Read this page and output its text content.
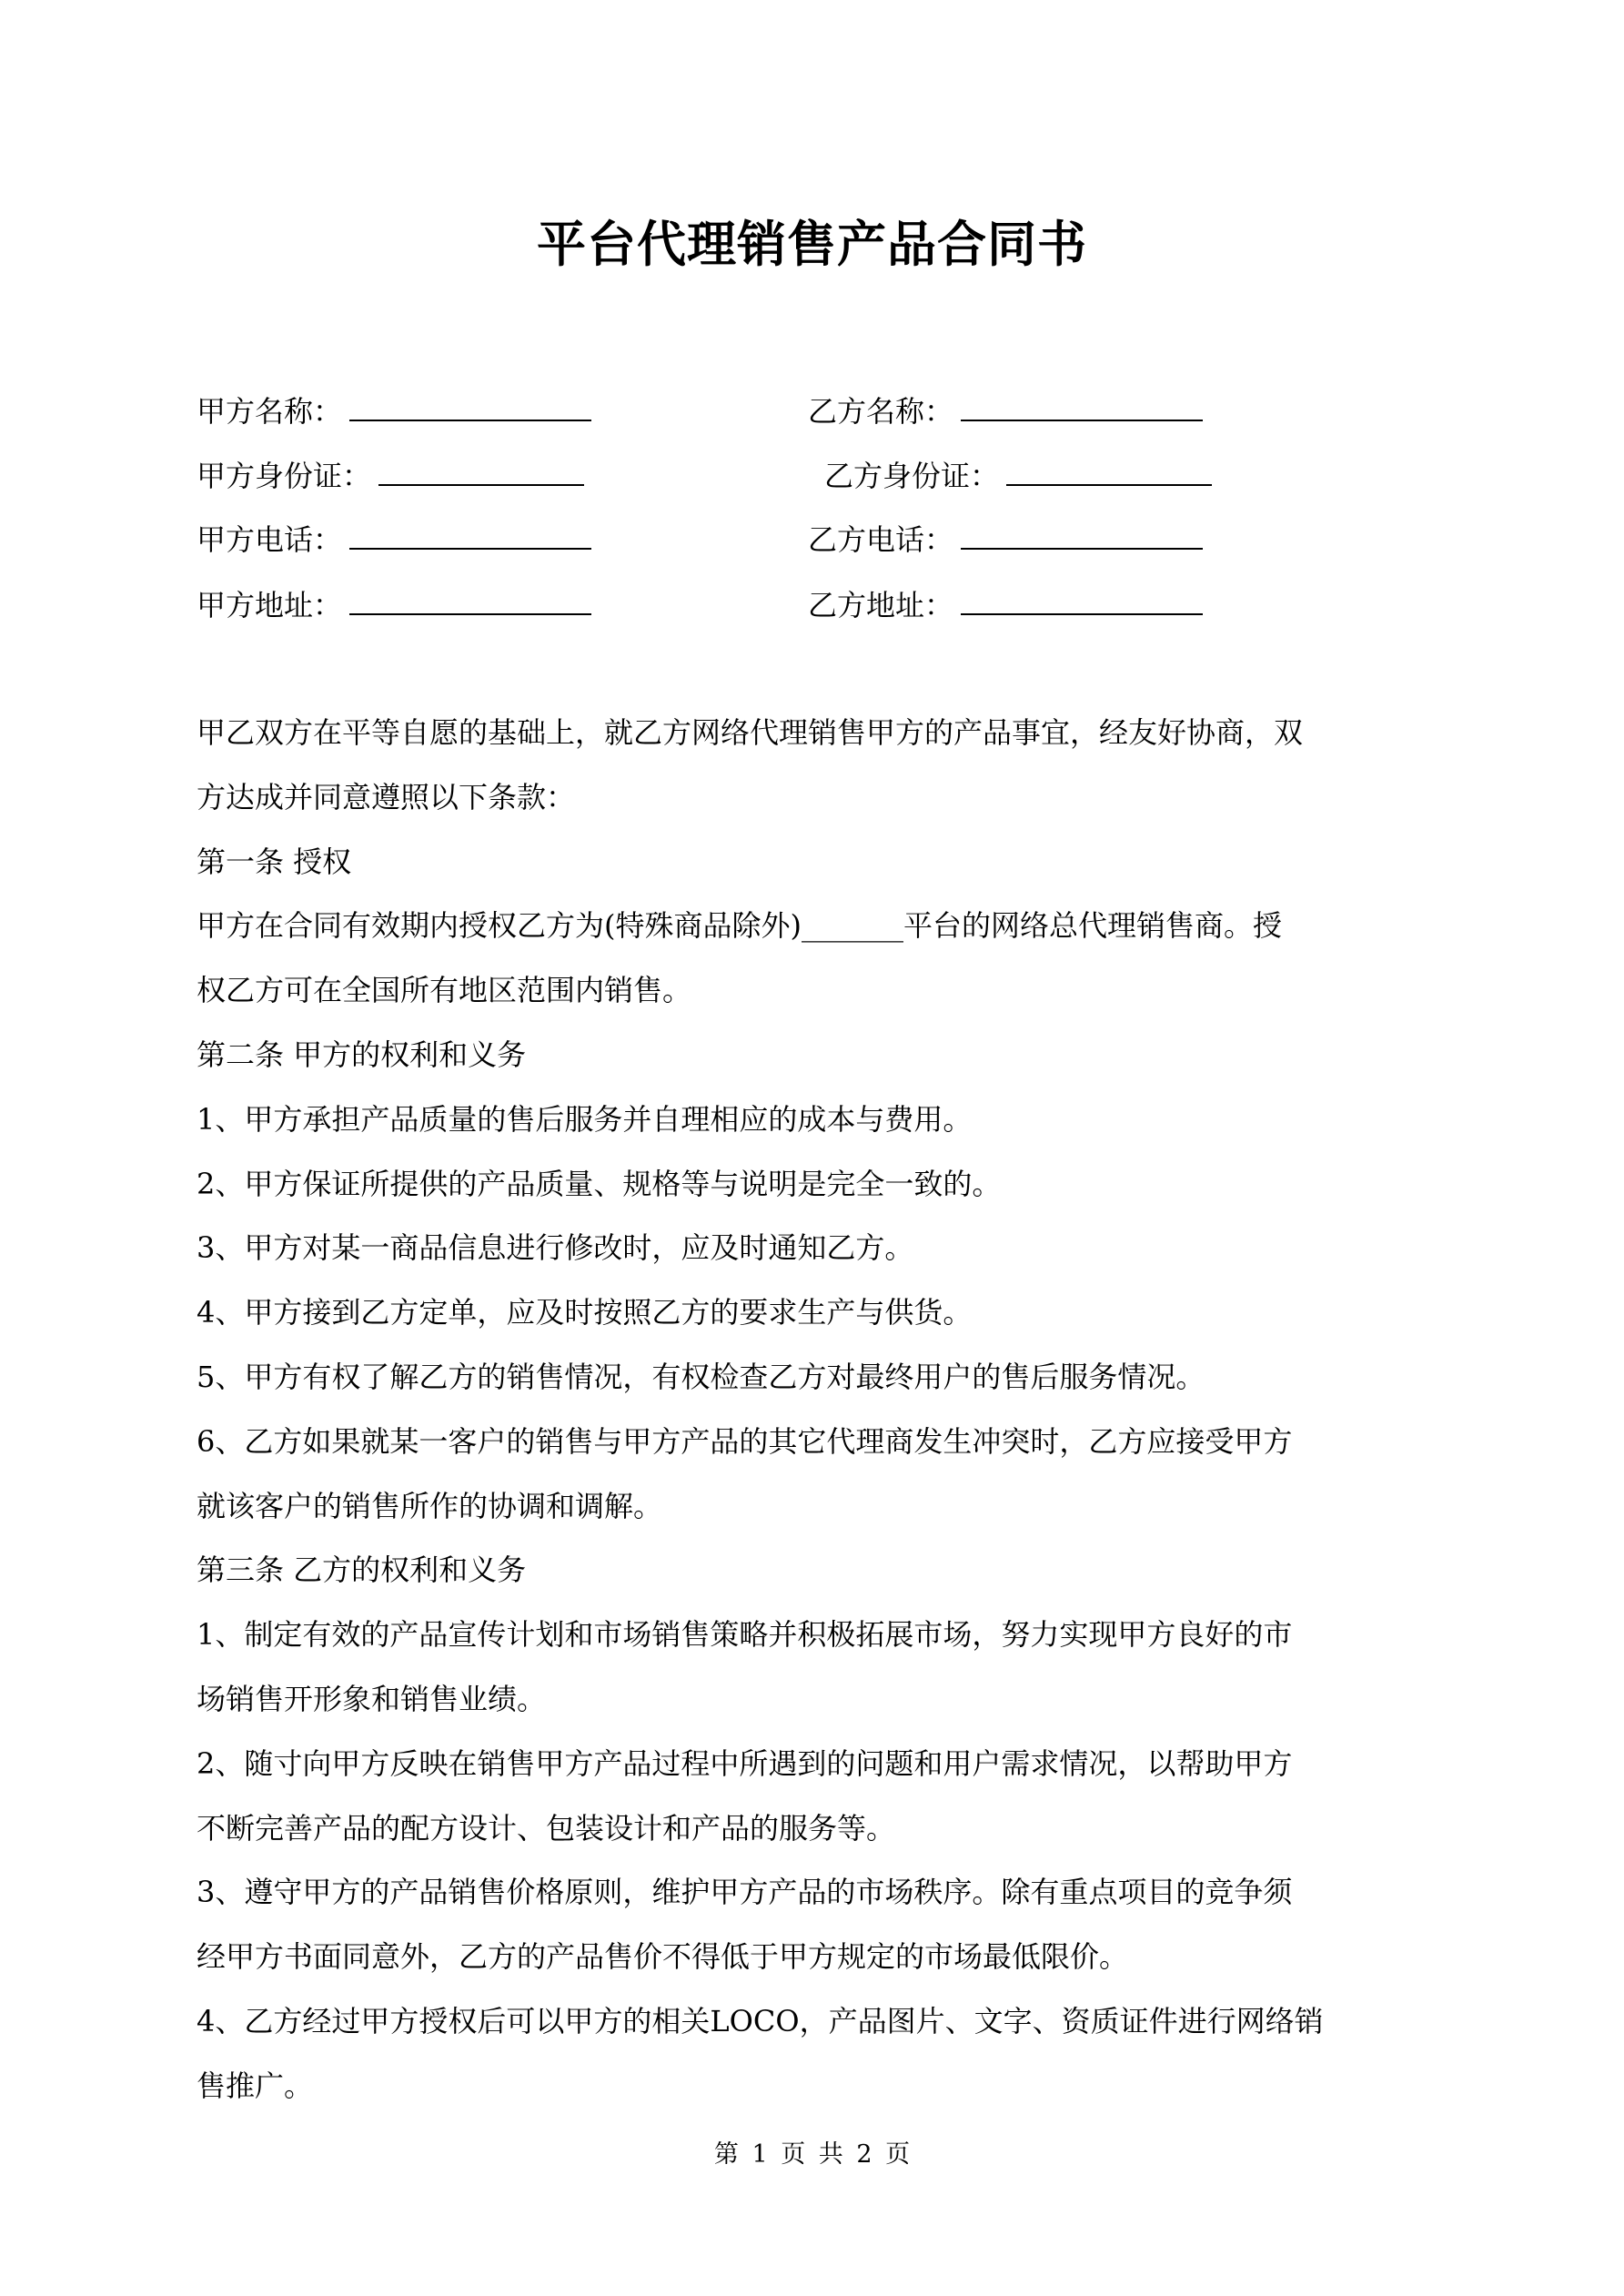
平台代理销售产品合同书
甲方名称：	乙方名称：
甲方身份证：	乙方身份证：
甲方电话：	乙方电话：
甲方地址：	乙方地址：
甲乙双方在平等自愿的基础上，就乙方网络代理销售甲方的产品事宜，经友好协商，双
方达成并同意遵照以下条款：
第一条 授权
甲方在合同有效期内授权乙方为(特殊商品除外)_______平台的网络总代理销售商。授
权乙方可在全国所有地区范围内销售。
第二条 甲方的权利和义务
1、甲方承担产品质量的售后服务并自理相应的成本与费用。
2、甲方保证所提供的产品质量、规格等与说明是完全一致的。
3、甲方对某一商品信息进行修改时，应及时通知乙方。
4、甲方接到乙方定单，应及时按照乙方的要求生产与供货。
5、甲方有权了解乙方的销售情况，有权检查乙方对最终用户的售后服务情况。
6、乙方如果就某一客户的销售与甲方产品的其它代理商发生冲突时，乙方应接受甲方
就该客户的销售所作的协调和调解。
第三条 乙方的权利和义务
1、制定有效的产品宣传计划和市场销售策略并积极拓展市场，努力实现甲方良好的市
场销售开形象和销售业绩。
2、随寸向甲方反映在销售甲方产品过程中所遇到的问题和用户需求情况，以帮助甲方
不断完善产品的配方设计、包装设计和产品的服务等。
3、遵守甲方的产品销售价格原则，维护甲方产品的市场秩序。除有重点项目的竞争须
经甲方书面同意外，乙方的产品售价不得低于甲方规定的市场最低限价。
4、乙方经过甲方授权后可以甲方的相关LOCO，产品图片、文字、资质证件进行网络销
售推广。
第 1 页 共 2 页
